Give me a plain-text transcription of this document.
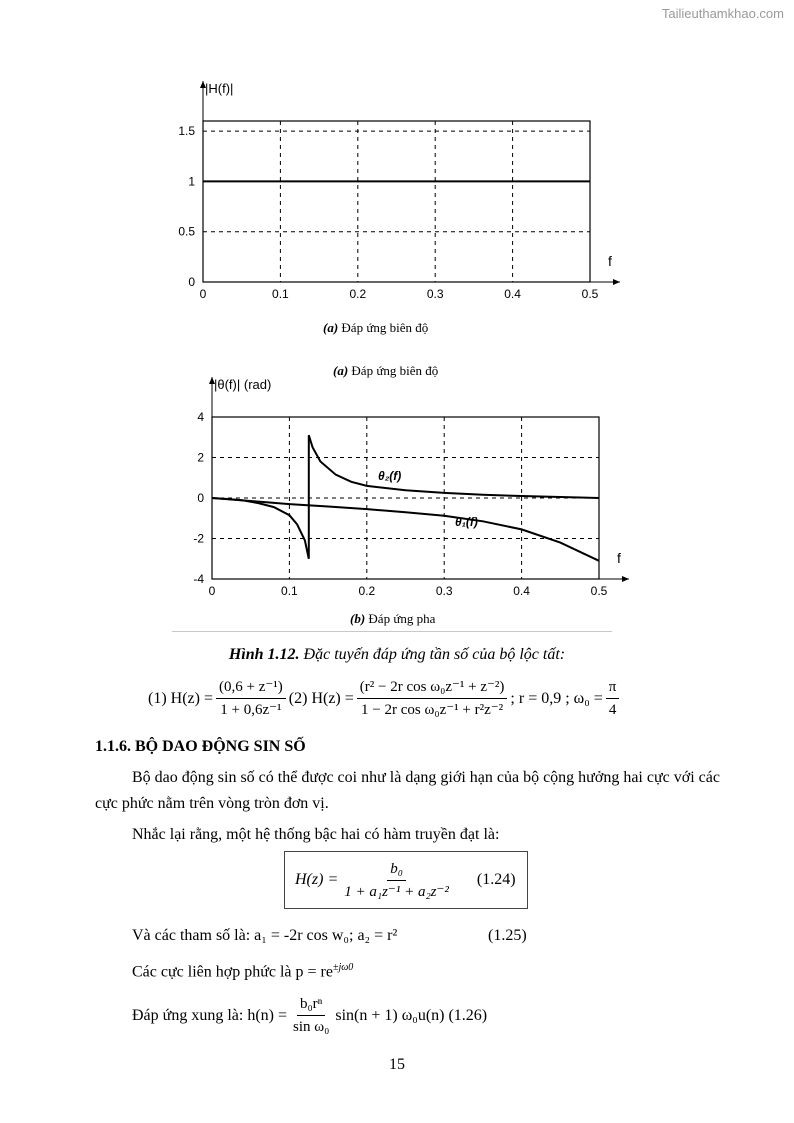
Tailieuthamkhao.com
0	0.1	0.2	0.3	0.4	0.5
0
0.5
1
1.5
|H(f)|
f
(a) Đáp ứng biên độ
(a) Đáp ứng biên độ
0	0.1	0.2	0.3	0.4	0.5
4
2
0
-2
-4
|θ(f)| (rad)
f
θ₂(f)
θ₁(f)
(b) Đáp ứng pha
Hình 1.12. Đặc tuyến đáp ứng tần số của bộ lộc tất:
(1) $H(z) = \frac{\text{(0,6 + z⁻¹)}}{\text{1 + 0,6z⁻¹}} (2) H(z) = \frac{\text{(r² − 2r cos ω₀z⁻¹ + z⁻²)}}{\text{1 − 2r cos ω₀z⁻¹ + r²z⁻²}}$ ; r = 0,9 ; $\omega_0 = \frac{\pi}{4}$
1.1.6. BỘ DAO ĐỘNG SIN SỐ
Bộ dao động sin số có thể được coi như là dạng giới hạn của bộ cộng hưởng hai cực với các cực phức nằm trên vòng tròn đơn vị.
Nhắc lại rằng, một hệ thống bậc hai có hàm truyền đạt là:
$H(z) = \frac{\text{b₀}}{\text{1 + a₁z⁻¹ + a₂z⁻²}} (1.24)$
Và các tham số là: a₁ = -2r cos w₀; a₂ = r²	(1.25)
Các cực liên hợp phức là $p = re^{\pm j\omega 0}$
Đáp ứng xung là: $h(n) = \frac{\text{b₀rⁿ}}{\text{sin ω₀}} \sin(n + 1)$ ω₀u(n) (1.26)
15
